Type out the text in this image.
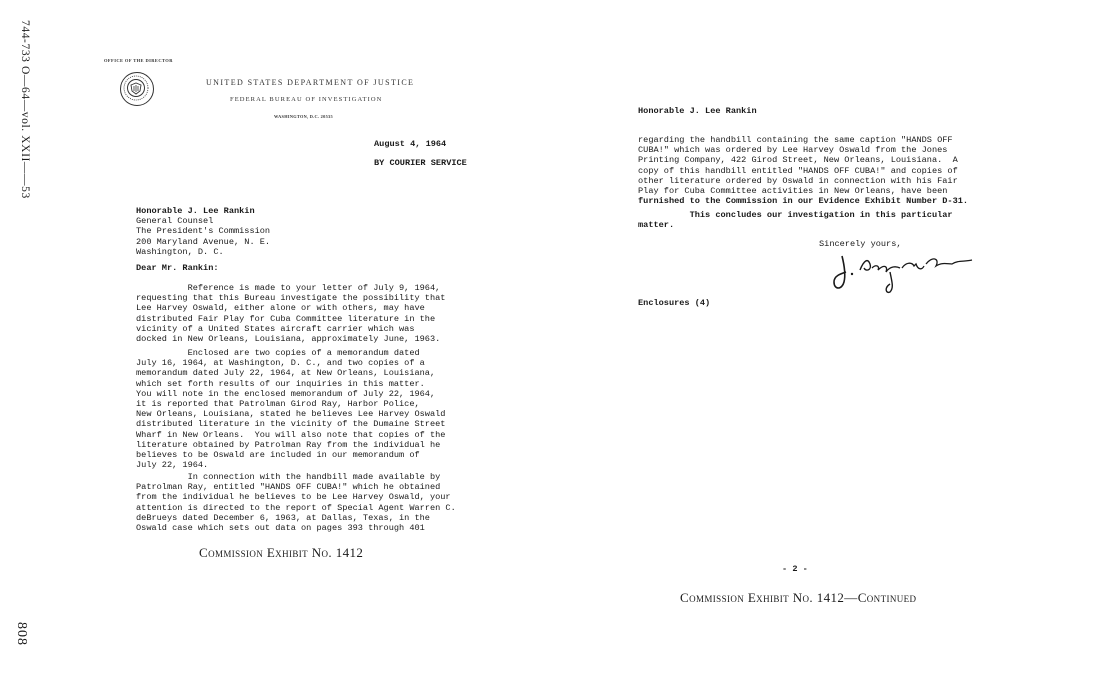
744-733 O—64—vol. XXII——53
808
OFFICE OF THE DIRECTOR
UNITED STATES DEPARTMENT OF JUSTICE
FEDERAL BUREAU OF INVESTIGATION
WASHINGTON, D.C. 20535
August 4, 1964
BY COURIER SERVICE
Honorable J. Lee Rankin
General Counsel
The President's Commission
200 Maryland Avenue, N. E.
Washington, D. C.
Dear Mr. Rankin:
Reference is made to your letter of July 9, 1964,
requesting that this Bureau investigate the possibility that
Lee Harvey Oswald, either alone or with others, may have
distributed Fair Play for Cuba Committee literature in the
vicinity of a United States aircraft carrier which was
docked in New Orleans, Louisiana, approximately June, 1963.
Enclosed are two copies of a memorandum dated
July 16, 1964, at Washington, D. C., and two copies of a
memorandum dated July 22, 1964, at New Orleans, Louisiana,
which set forth results of our inquiries in this matter.
You will note in the enclosed memorandum of July 22, 1964,
it is reported that Patrolman Girod Ray, Harbor Police,
New Orleans, Louisiana, stated he believes Lee Harvey Oswald
distributed literature in the vicinity of the Dumaine Street
Wharf in New Orleans.  You will also note that copies of the
literature obtained by Patrolman Ray from the individual he
believes to be Oswald are included in our memorandum of
July 22, 1964.
In connection with the handbill made available by
Patrolman Ray, entitled "HANDS OFF CUBA!" which he obtained
from the individual he believes to be Lee Harvey Oswald, your
attention is directed to the report of Special Agent Warren C.
deBrueys dated December 6, 1963, at Dallas, Texas, in the
Oswald case which sets out data on pages 393 through 401
Commission Exhibit No. 1412
Honorable J. Lee Rankin
regarding the handbill containing the same caption "HANDS OFF
CUBA!" which was ordered by Lee Harvey Oswald from the Jones
Printing Company, 422 Girod Street, New Orleans, Louisiana.  A
copy of this handbill entitled "HANDS OFF CUBA!" and copies of
other literature ordered by Oswald in connection with his Fair
Play for Cuba Committee activities in New Orleans, have been
furnished to the Commission in our Evidence Exhibit Number D-31.
This concludes our investigation in this particular
matter.
Sincerely yours,
Enclosures (4)
- 2 -
Commission Exhibit No. 1412—Continued
